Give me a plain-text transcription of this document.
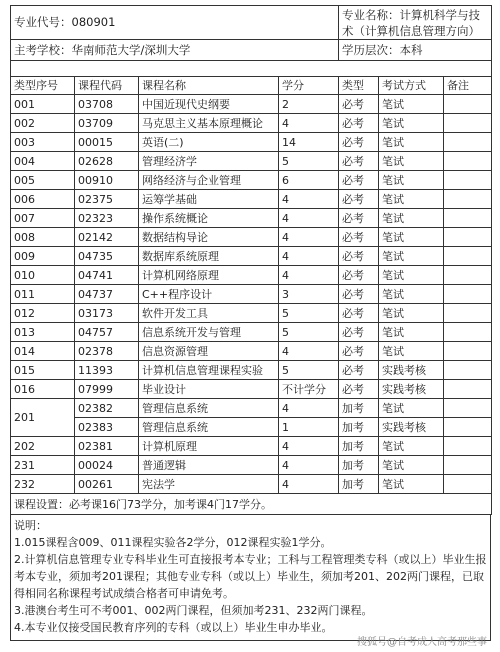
专业代号：080901				专业名称：计算机科学与技术（计算机信息管理方向）		
主考学校：华南师范大学/深圳大学				学历层次：本科		

类型序号	课程代码	课程名称	学分	类型	考试方式	备注
001	03708	中国近现代史纲要	2	必考	笔试	
002	03709	马克思主义基本原理概论	4	必考	笔试	
003	00015	英语(二)	14	必考	笔试	
004	02628	管理经济学	5	必考	笔试	
005	00910	网络经济与企业管理	6	必考	笔试	
006	02375	运筹学基础	4	必考	笔试	
007	02323	操作系统概论	4	必考	笔试	
008	02142	数据结构导论	4	必考	笔试	
009	04735	数据库系统原理	4	必考	笔试	
010	04741	计算机网络原理	4	必考	笔试	
011	04737	C++程序设计	3	必考	笔试	
012	03173	软件开发工具	5	必考	笔试	
013	04757	信息系统开发与管理	5	必考	笔试	
014	02378	信息资源管理	4	必考	笔试	
015	11393	计算机信息管理课程实验	5	必考	实践考核	
016	07999	毕业设计	不计学分	必考	实践考核	
201	02382	管理信息系统	4	加考	笔试	
	02383	管理信息系统	1	加考	实践考核	
202	02381	计算机原理	4	加考	笔试	
231	00024	普通逻辑	4	加考	笔试	
232	00261	宪法学	4	加考	笔试	
课程设置：必考课16门73学分，加考课4门17学分。						
说明：
1.015课程含009、011课程实验各2学分，012课程实验1学分。
2.计算机信息管理专业专科毕业生可直接报考本专业；工科与工程管理类专科（或以上）毕业生报考本专业，须加考201课程；其他专业专科（或以上）毕业生，须加考201、202两门课程，已取得相同名称课程考试成绩合格者可申请免考。
3.港澳台考生可不考001、002两门课程，但须加考231、232两门课程。
4.本专业仅接受国民教育序列的专科（或以上）毕业生申办毕业。
搜狐号@自考成人高考那些事
